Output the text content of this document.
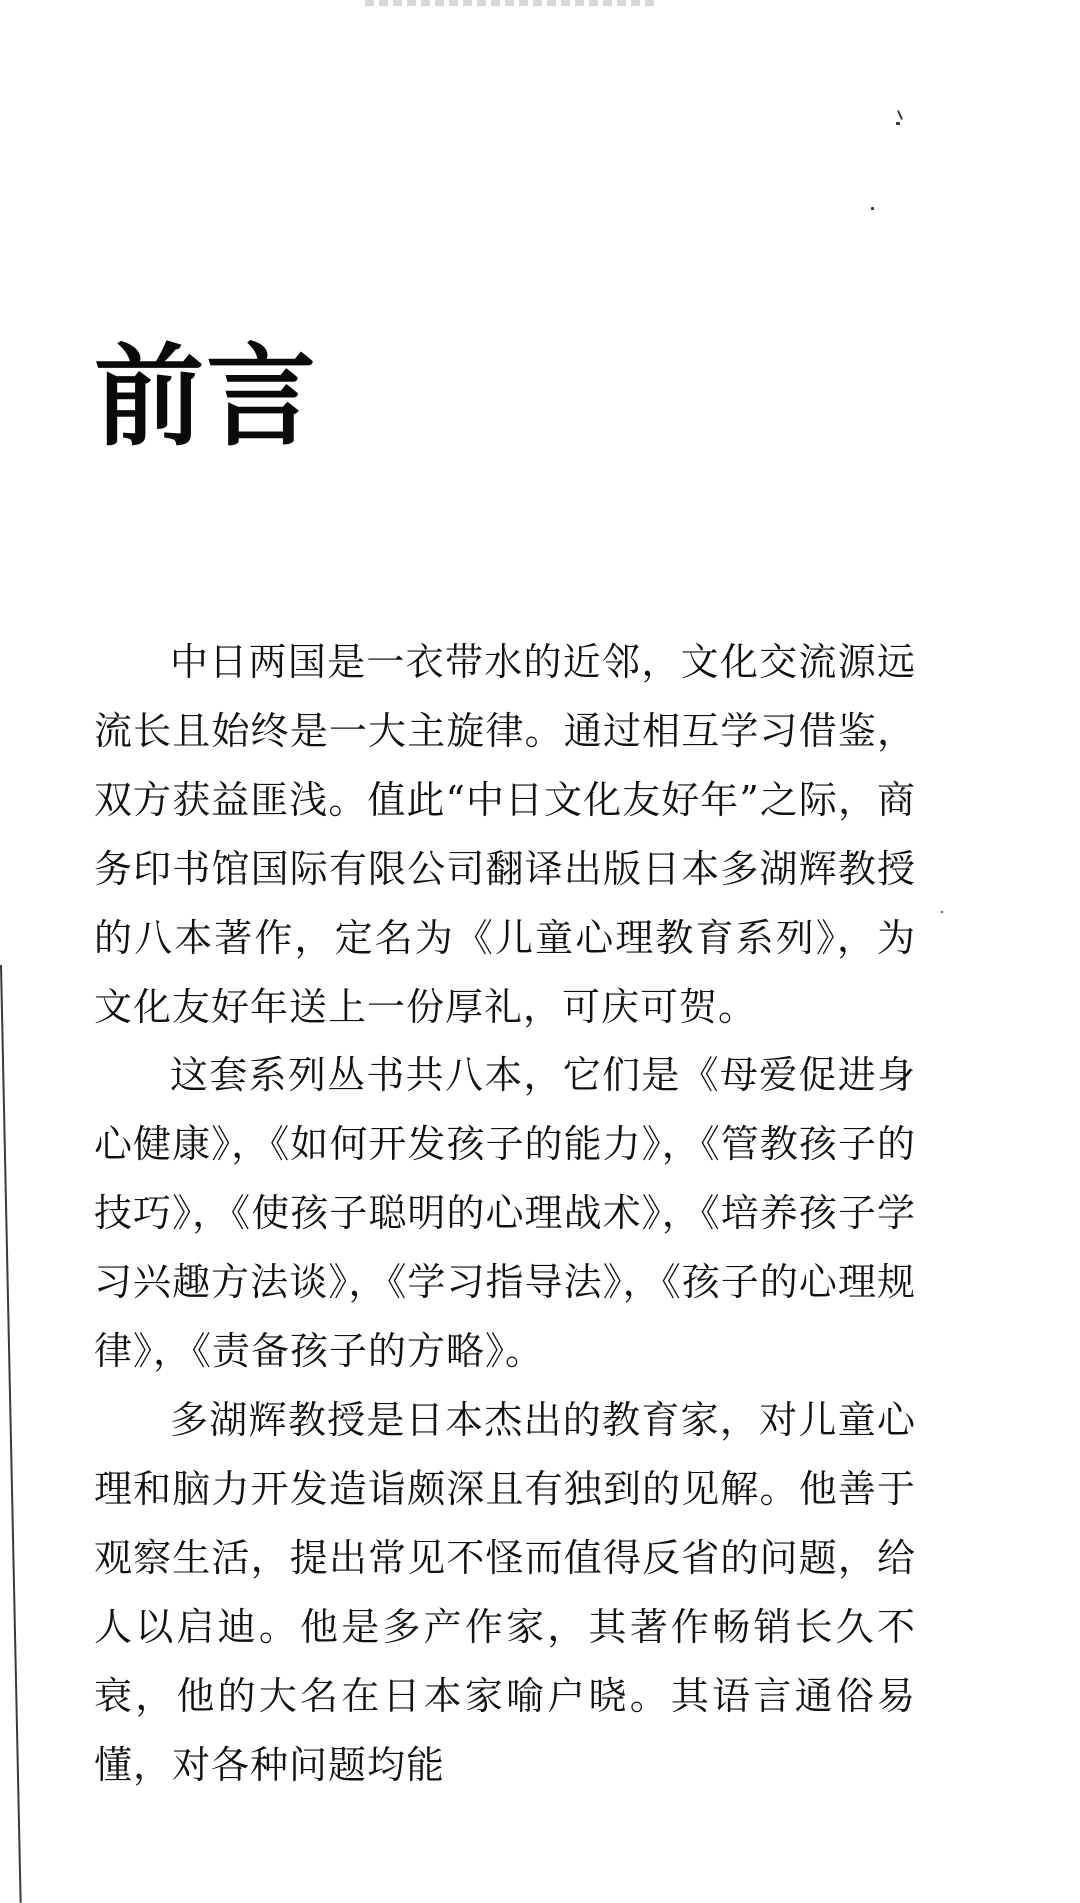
前言

中日两国是一衣带水的近邻，文化交流源远流长且始终是一大主旋律。通过相互学习借鉴，双方获益匪浅。值此“中日文化友好年”之际，商务印书馆国际有限公司翻译出版日本多湖辉教授的八本著作，定名为《儿童心理教育系列》，为文化友好年送上一份厚礼，可庆可贺。

这套系列丛书共八本，它们是《母爱促进身心健康》，《如何开发孩子的能力》，《管教孩子的技巧》，《使孩子聪明的心理战术》，《培养孩子学习兴趣方法谈》，《学习指导法》，《孩子的心理规律》，《责备孩子的方略》。

多湖辉教授是日本杰出的教育家，对儿童心理和脑力开发造诣颇深且有独到的见解。他善于观察生活，提出常见不怪而值得反省的问题，给人以启迪。他是多产作家，其著作畅销长久不衰，他的大名在日本家喻户晓。其语言通俗易懂，对各种问题均能
